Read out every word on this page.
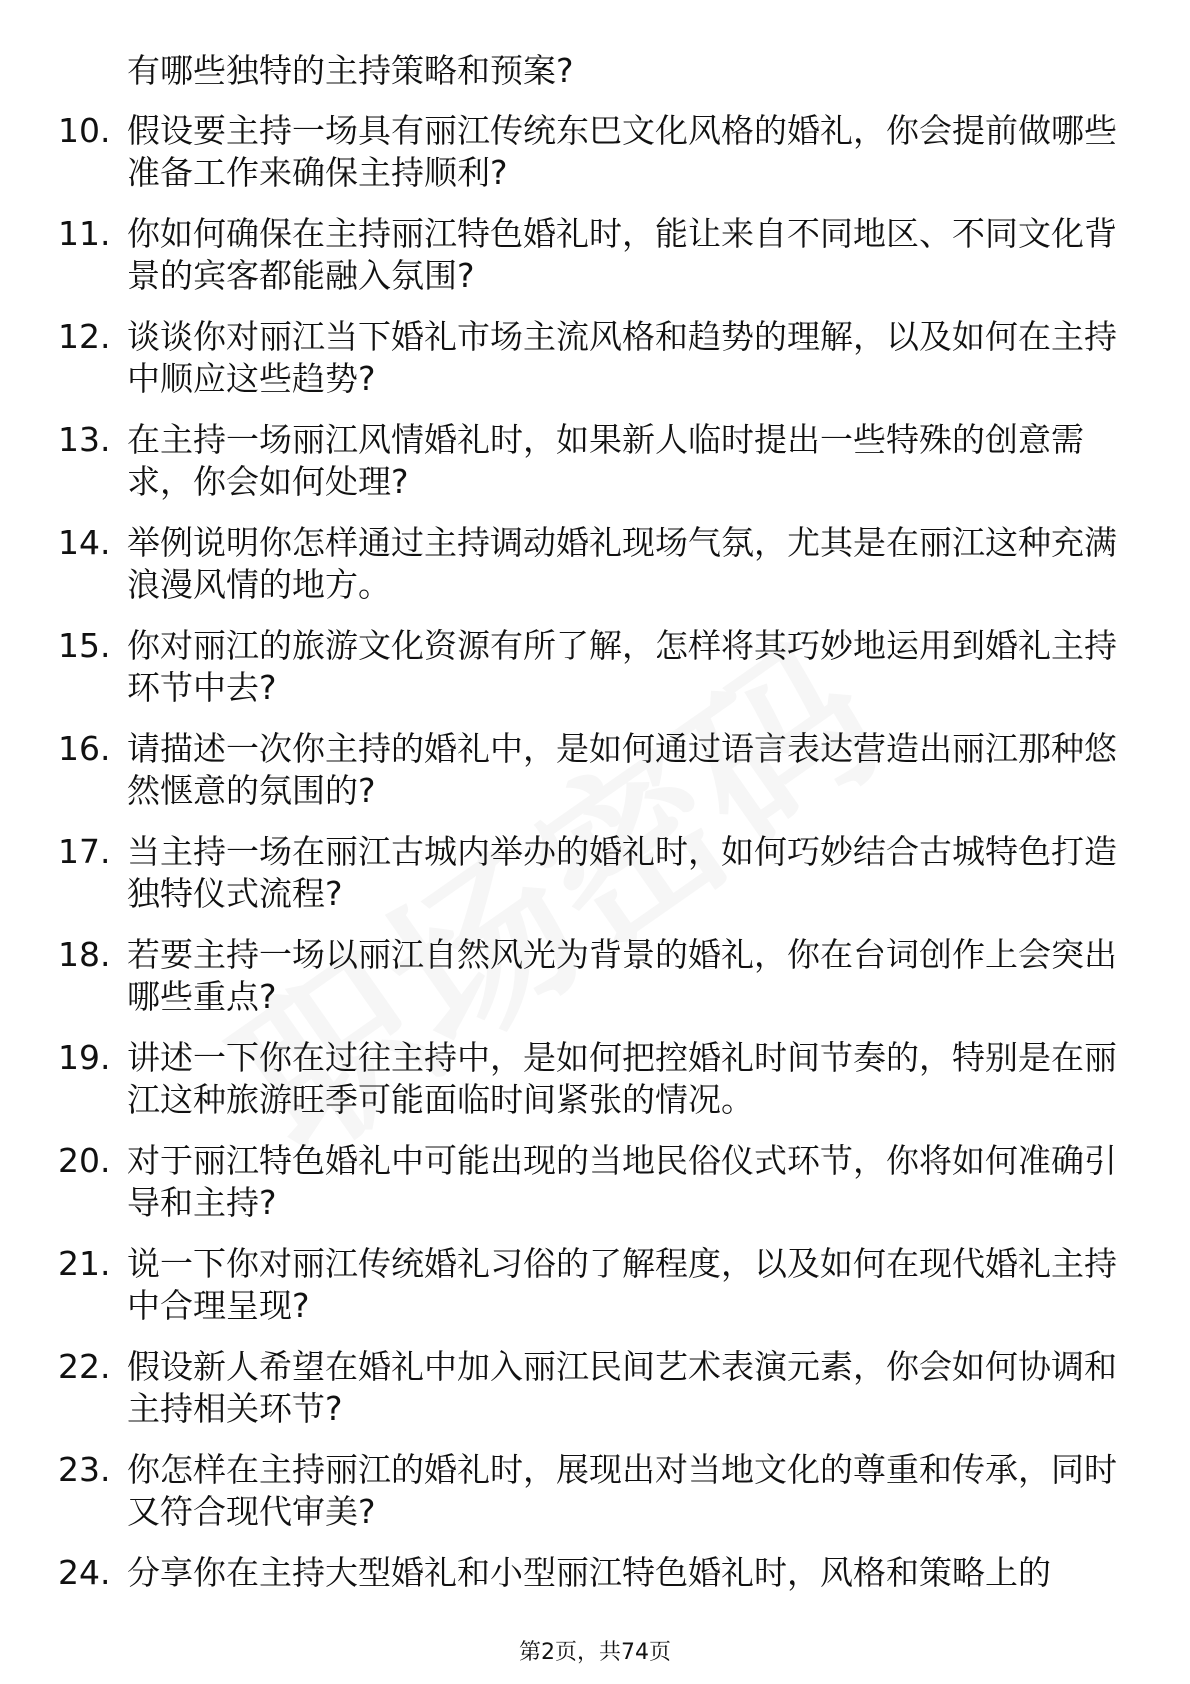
有哪些独特的主持策略和预案?

10. 假设要主持一场具有丽江传统东巴文化风格的婚礼，你会提前做哪些准备工作来确保主持顺利?

11. 你如何确保在主持丽江特色婚礼时，能让来自不同地区、不同文化背景的宾客都能融入氛围?

12. 谈谈你对丽江当下婚礼市场主流风格和趋势的理解，以及如何在主持中顺应这些趋势?

13. 在主持一场丽江风情婚礼时，如果新人临时提出一些特殊的创意需求，你会如何处理?

14. 举例说明你怎样通过主持调动婚礼现场气氛，尤其是在丽江这种充满浪漫风情的地方。

15. 你对丽江的旅游文化资源有所了解，怎样将其巧妙地运用到婚礼主持环节中去?

16. 请描述一次你主持的婚礼中，是如何通过语言表达营造出丽江那种悠然惬意的氛围的?

17. 当主持一场在丽江古城内举办的婚礼时，如何巧妙结合古城特色打造独特仪式流程?

18. 若要主持一场以丽江自然风光为背景的婚礼，你在台词创作上会突出哪些重点?

19. 讲述一下你在过往主持中，是如何把控婚礼时间节奏的，特别是在丽江这种旅游旺季可能面临时间紧张的情况。

20. 对于丽江特色婚礼中可能出现的当地民俗仪式环节，你将如何准确引导和主持?

21. 说一下你对丽江传统婚礼习俗的了解程度，以及如何在现代婚礼主持中合理呈现?

22. 假设新人希望在婚礼中加入丽江民间艺术表演元素，你会如何协调和主持相关环节?

23. 你怎样在主持丽江的婚礼时，展现出对当地文化的尊重和传承，同时又符合现代审美?

24. 分享你在主持大型婚礼和小型丽江特色婚礼时，风格和策略上的

第2页，共74页
